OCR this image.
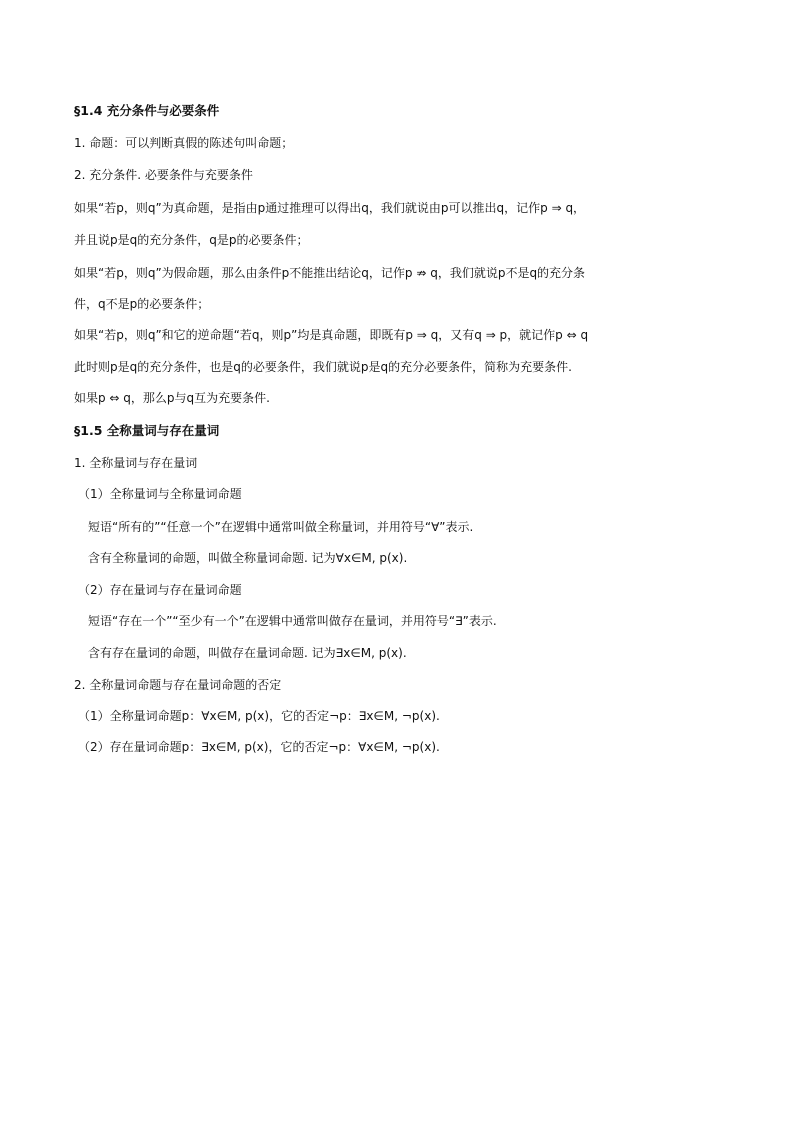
§1.4 充分条件与必要条件
1. 命题：可以判断真假的陈述句叫命题；
2. 充分条件. 必要条件与充要条件
如果“若p，则q”为真命题，是指由p通过推理可以得出q，我们就说由p可以推出q，记作p ⇒ q，
并且说p是q的充分条件，q是p的必要条件；
如果“若p，则q”为假命题，那么由条件p不能推出结论q，记作p ⇏ q，我们就说p不是q的充分条
件，q不是p的必要条件；
如果“若p，则q”和它的逆命题“若q，则p”均是真命题，即既有p ⇒ q，又有q ⇒ p，就记作p ⇔ q
此时则p是q的充分条件，也是q的必要条件，我们就说p是q的充分必要条件，简称为充要条件.
如果p ⇔ q，那么p与q互为充要条件.
§1.5 全称量词与存在量词
1. 全称量词与存在量词
（1）全称量词与全称量词命题
短语“所有的”“任意一个”在逻辑中通常叫做全称量词，并用符号“∀”表示.
含有全称量词的命题，叫做全称量词命题. 记为∀x∈M, p(x).
（2）存在量词与存在量词命题
短语“存在一个”“至少有一个”在逻辑中通常叫做存在量词，并用符号“∃”表示.
含有存在量词的命题，叫做存在量词命题. 记为∃x∈M, p(x).
2. 全称量词命题与存在量词命题的否定
（1）全称量词命题p：∀x∈M, p(x)，它的否定¬p：∃x∈M, ¬p(x).
（2）存在量词命题p：∃x∈M, p(x)，它的否定¬p：∀x∈M, ¬p(x).
